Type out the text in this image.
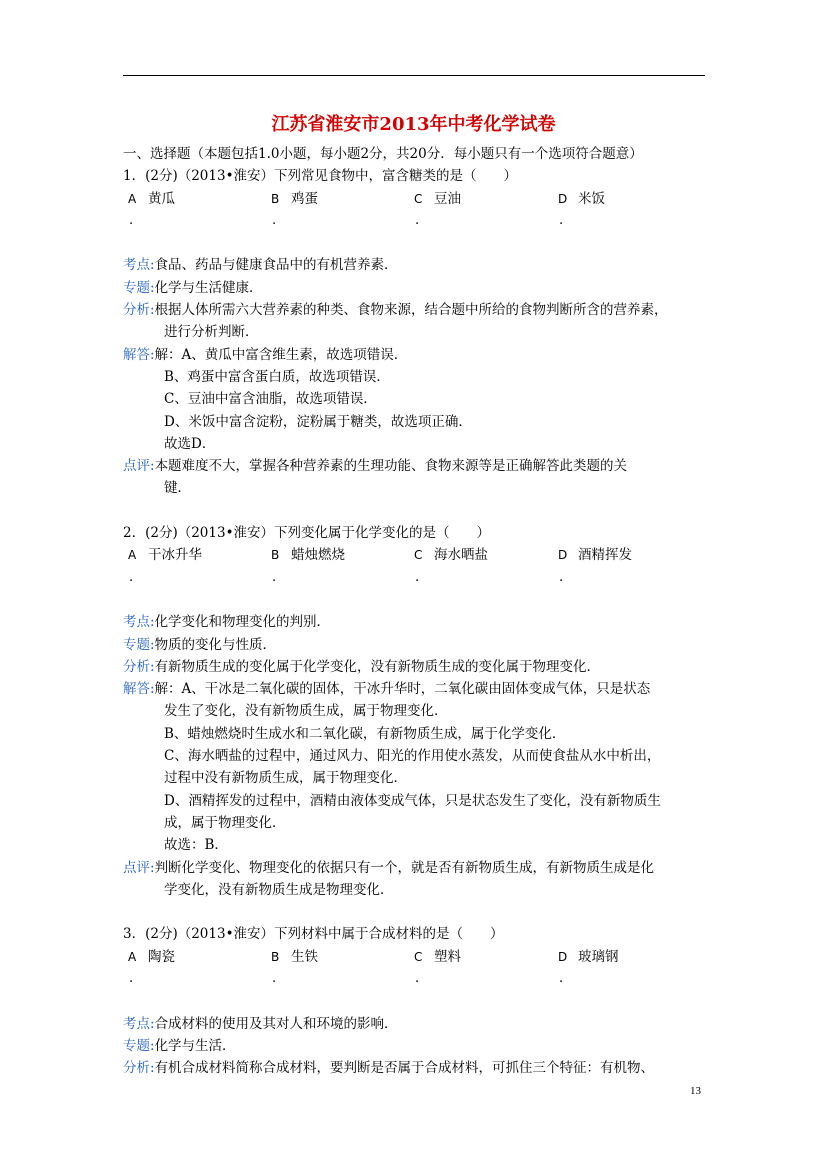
江苏省淮安市2013年中考化学试卷
一、选择题（本题包括1.0小题，每小题2分，共20分．每小题只有一个选项符合题意）
1．(2分)（2013•淮安）下列常见食物中，富含糖类的是（　　）
A 黄瓜	B 鸡蛋	C 豆油	D 米饭
.	.	.	.
考点:食品、药品与健康食品中的有机营养素．
专题:化学与生活健康．
分析:根据人体所需六大营养素的种类、食物来源，结合题中所给的食物判断所含的营养素，
进行分析判断．
解答:解：A、黄瓜中富含维生素，故选项错误．
B、鸡蛋中富含蛋白质，故选项错误．
C、豆油中富含油脂，故选项错误．
D、米饭中富含淀粉，淀粉属于糖类，故选项正确．
故选D．
点评:本题难度不大，掌握各种营养素的生理功能、食物来源等是正确解答此类题的关
键．
2．(2分)（2013•淮安）下列变化属于化学变化的是（　　）
A 干冰升华	B 蜡烛燃烧	C 海水晒盐	D 酒精挥发
.	.	.	.
考点:化学变化和物理变化的判别．
专题:物质的变化与性质．
分析:有新物质生成的变化属于化学变化，没有新物质生成的变化属于物理变化．
解答:解：A、干冰是二氧化碳的固体，干冰升华时，二氧化碳由固体变成气体，只是状态
发生了变化，没有新物质生成，属于物理变化．
B、蜡烛燃烧时生成水和二氧化碳，有新物质生成，属于化学变化．
C、海水晒盐的过程中，通过风力、阳光的作用使水蒸发，从而使食盐从水中析出，
过程中没有新物质生成，属于物理变化．
D、酒精挥发的过程中，酒精由液体变成气体，只是状态发生了变化，没有新物质生
成，属于物理变化．
故选：B．
点评:判断化学变化、物理变化的依据只有一个，就是否有新物质生成，有新物质生成是化
学变化，没有新物质生成是物理变化．
3．(2分)（2013•淮安）下列材料中属于合成材料的是（　　）
A 陶瓷	B 生铁	C 塑料	D 玻璃钢
.	.	.	.
考点:合成材料的使用及其对人和环境的影响．
专题:化学与生活．
分析:有机合成材料简称合成材料，要判断是否属于合成材料，可抓住三个特征：有机物、
13
